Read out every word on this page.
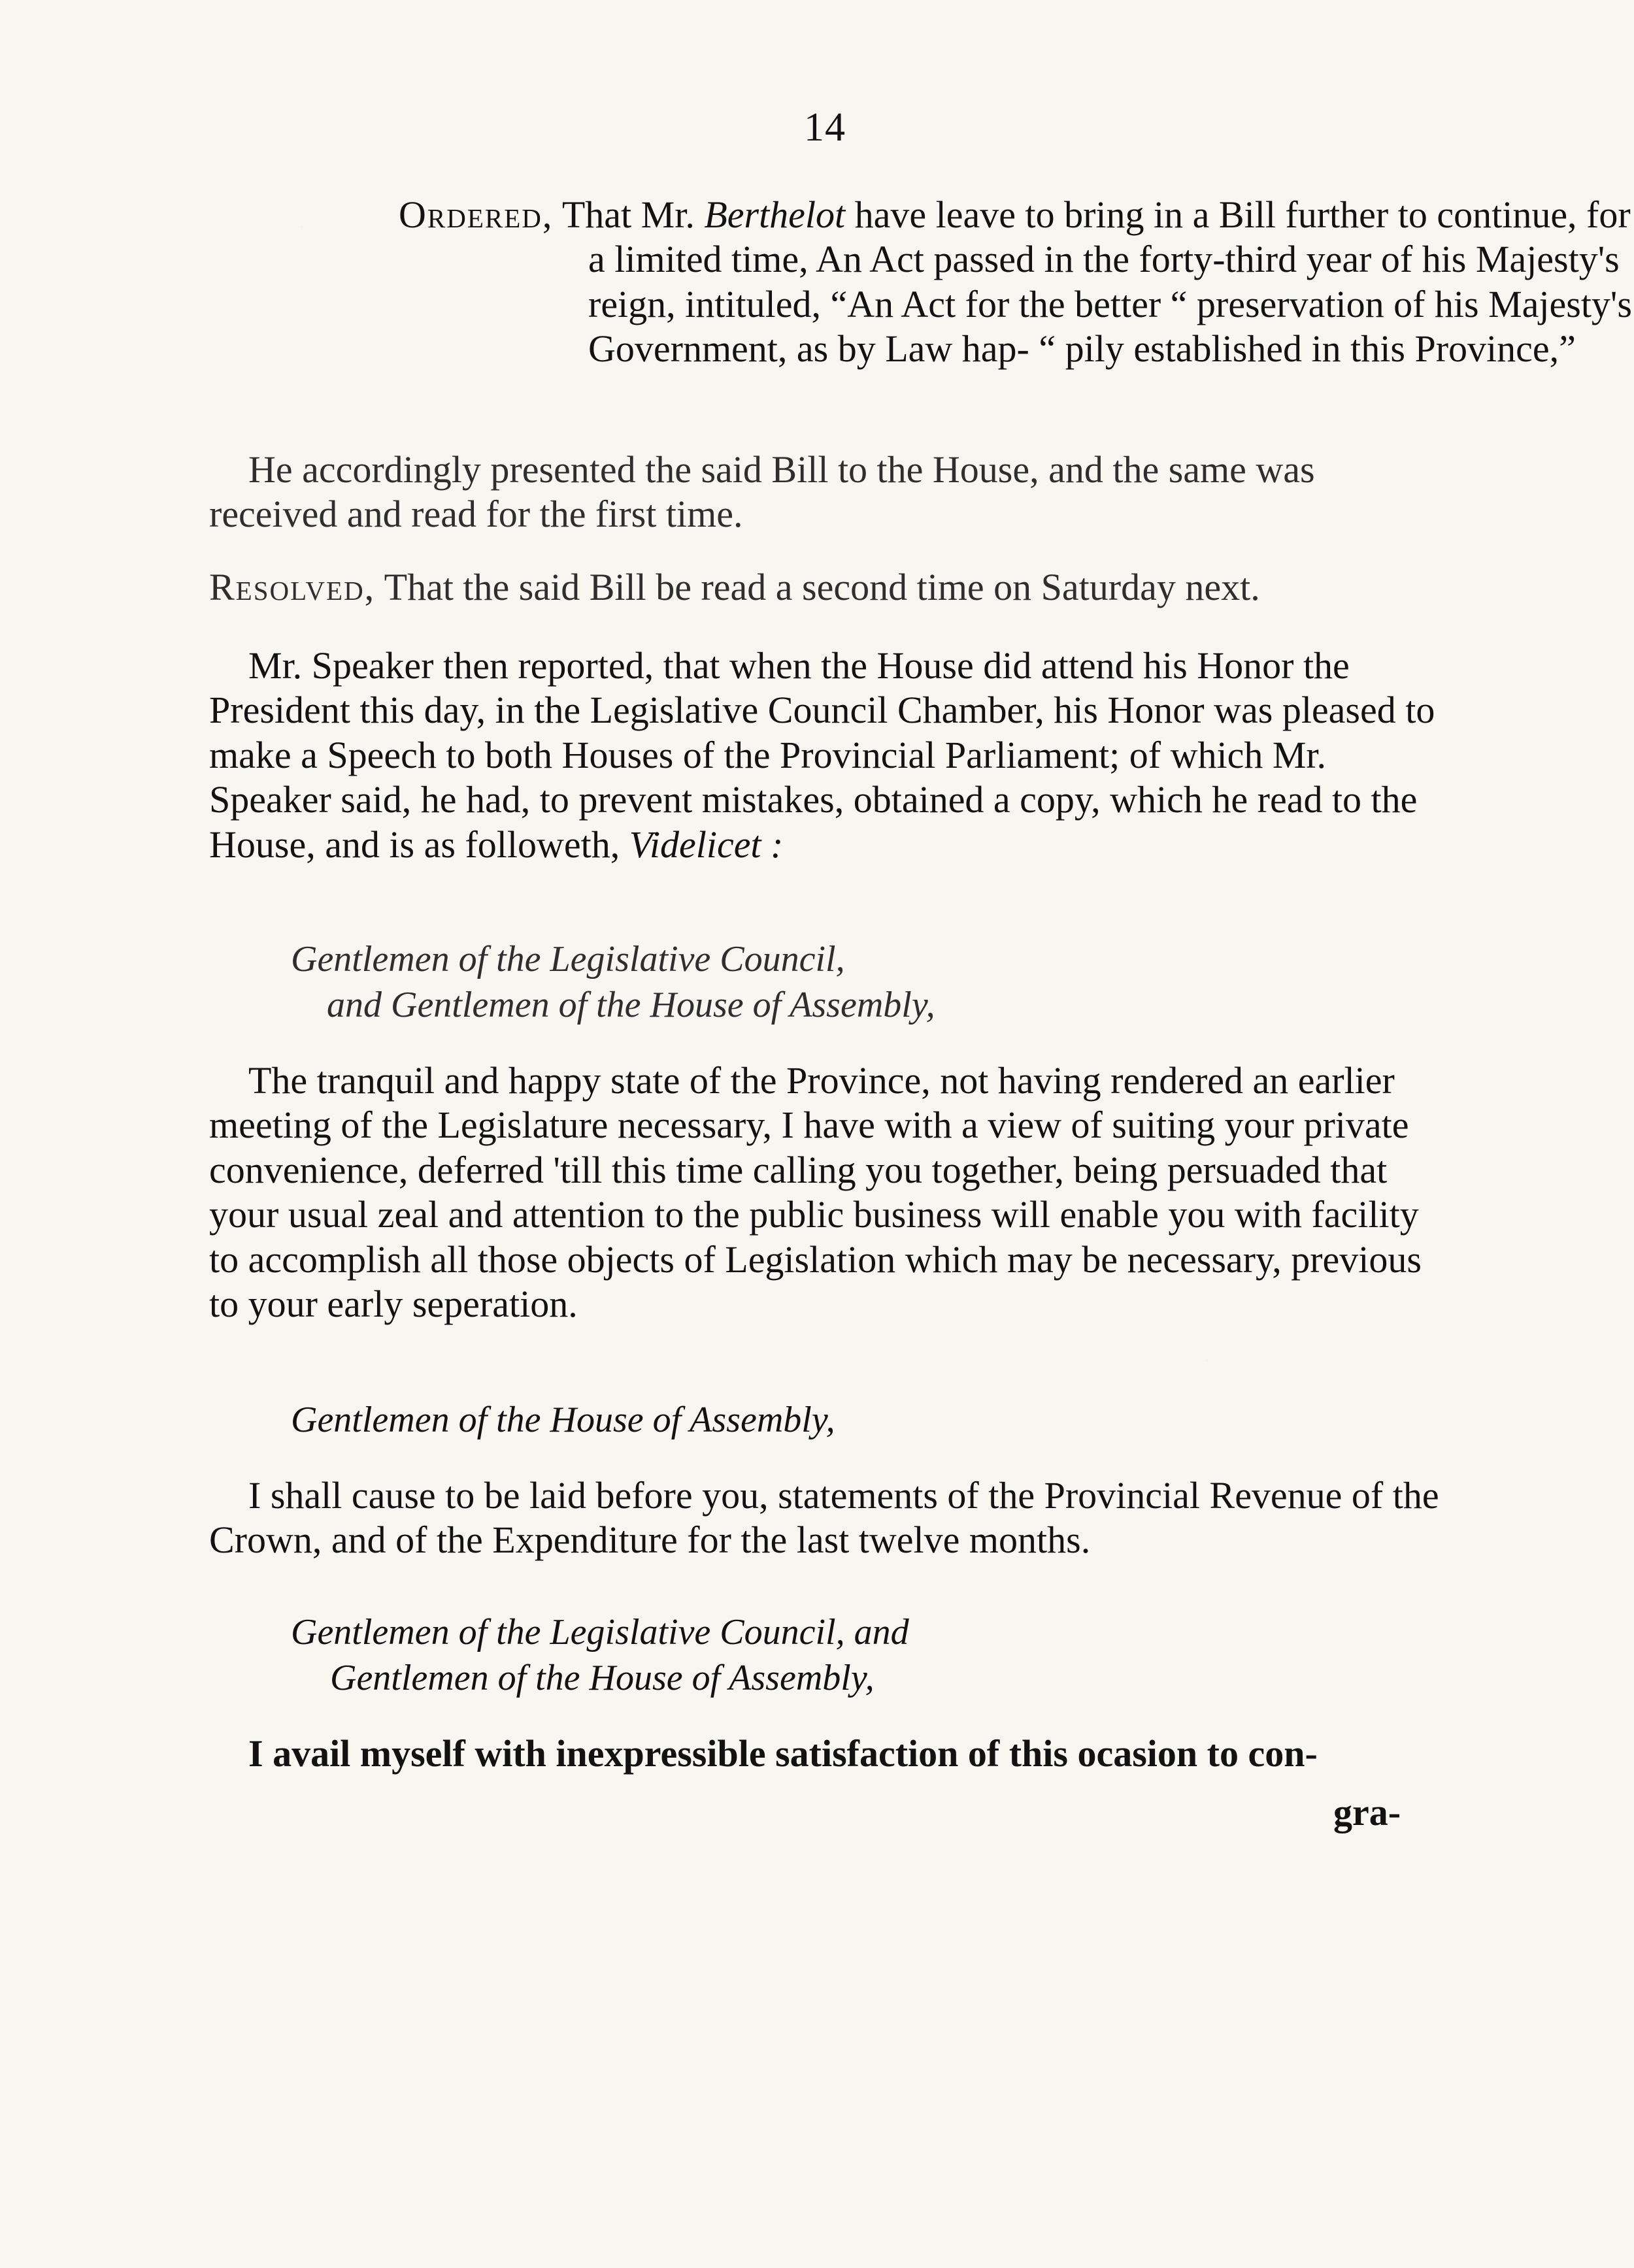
14

Ordered, That Mr. Berthelot have leave to bring in a Bill further to continue, for a limited time, An Act passed in the forty-third year of his Majesty's reign, intituled, “An Act for the better “ preservation of his Majesty's Government, as by Law hap- “ pily established in this Province,”

He accordingly presented the said Bill to the House, and the same was received and read for the first time.

Resolved, That the said Bill be read a second time on Saturday next.

Mr. Speaker then reported, that when the House did attend his Honor the President this day, in the Legislative Council Chamber, his Honor was pleased to make a Speech to both Houses of the Provincial Parliament; of which Mr. Speaker said, he had, to prevent mistakes, obtained a copy, which he read to the House, and is as followeth, Videlicet :

Gentlemen of the Legislative Council,

and Gentlemen of the House of Assembly,

The tranquil and happy state of the Province, not having rendered an earlier meeting of the Legislature necessary, I have with a view of suiting your private convenience, deferred 'till this time calling you together, being persuaded that your usual zeal and attention to the public business will enable you with facility to accomplish all those objects of Legislation which may be necessary, previous to your early seperation.

Gentlemen of the House of Assembly,

I shall cause to be laid before you, statements of the Provincial Revenue of the Crown, and of the Expenditure for the last twelve months.

Gentlemen of the Legislative Council, and

Gentlemen of the House of Assembly,

I avail myself with inexpressible satisfaction of this ocasion to con-

gra-
